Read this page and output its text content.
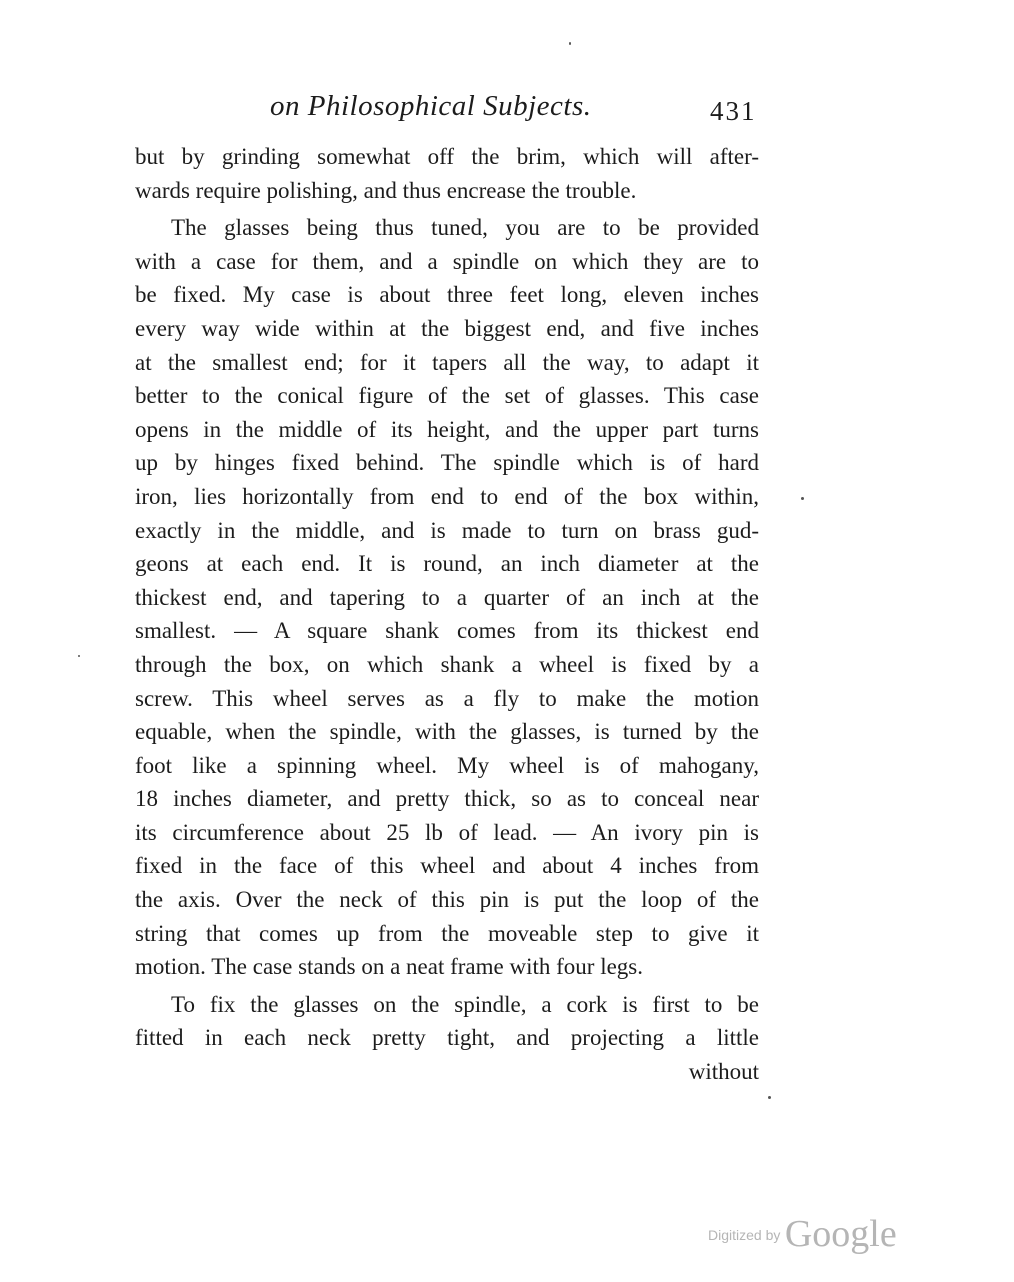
on Philosophical Subjects.	431
but by grinding somewhat off the brim, which will after-
wards require polishing, and thus encrease the trouble.
The glasses being thus tuned, you are to be provided
with a case for them, and a spindle on which they are to
be fixed. My case is about three feet long, eleven inches
every way wide within at the biggest end, and five inches
at the smallest end; for it tapers all the way, to adapt it
better to the conical figure of the set of glasses. This case
opens in the middle of its height, and the upper part turns
up by hinges fixed behind. The spindle which is of hard
iron, lies horizontally from end to end of the box within,
exactly in the middle, and is made to turn on brass gud-
geons at each end. It is round, an inch diameter at the
thickest end, and tapering to a quarter of an inch at the
smallest. — A square shank comes from its thickest end
through the box, on which shank a wheel is fixed by a
screw. This wheel serves as a fly to make the motion
equable, when the spindle, with the glasses, is turned by the
foot like a spinning wheel. My wheel is of mahogany,
18 inches diameter, and pretty thick, so as to conceal near
its circumference about 25 lb of lead. — An ivory pin is
fixed in the face of this wheel and about 4 inches from
the axis. Over the neck of this pin is put the loop of the
string that comes up from the moveable step to give it
motion. The case stands on a neat frame with four legs.
To fix the glasses on the spindle, a cork is first to be
fitted in each neck pretty tight, and projecting a little
without
Digitized by Google
